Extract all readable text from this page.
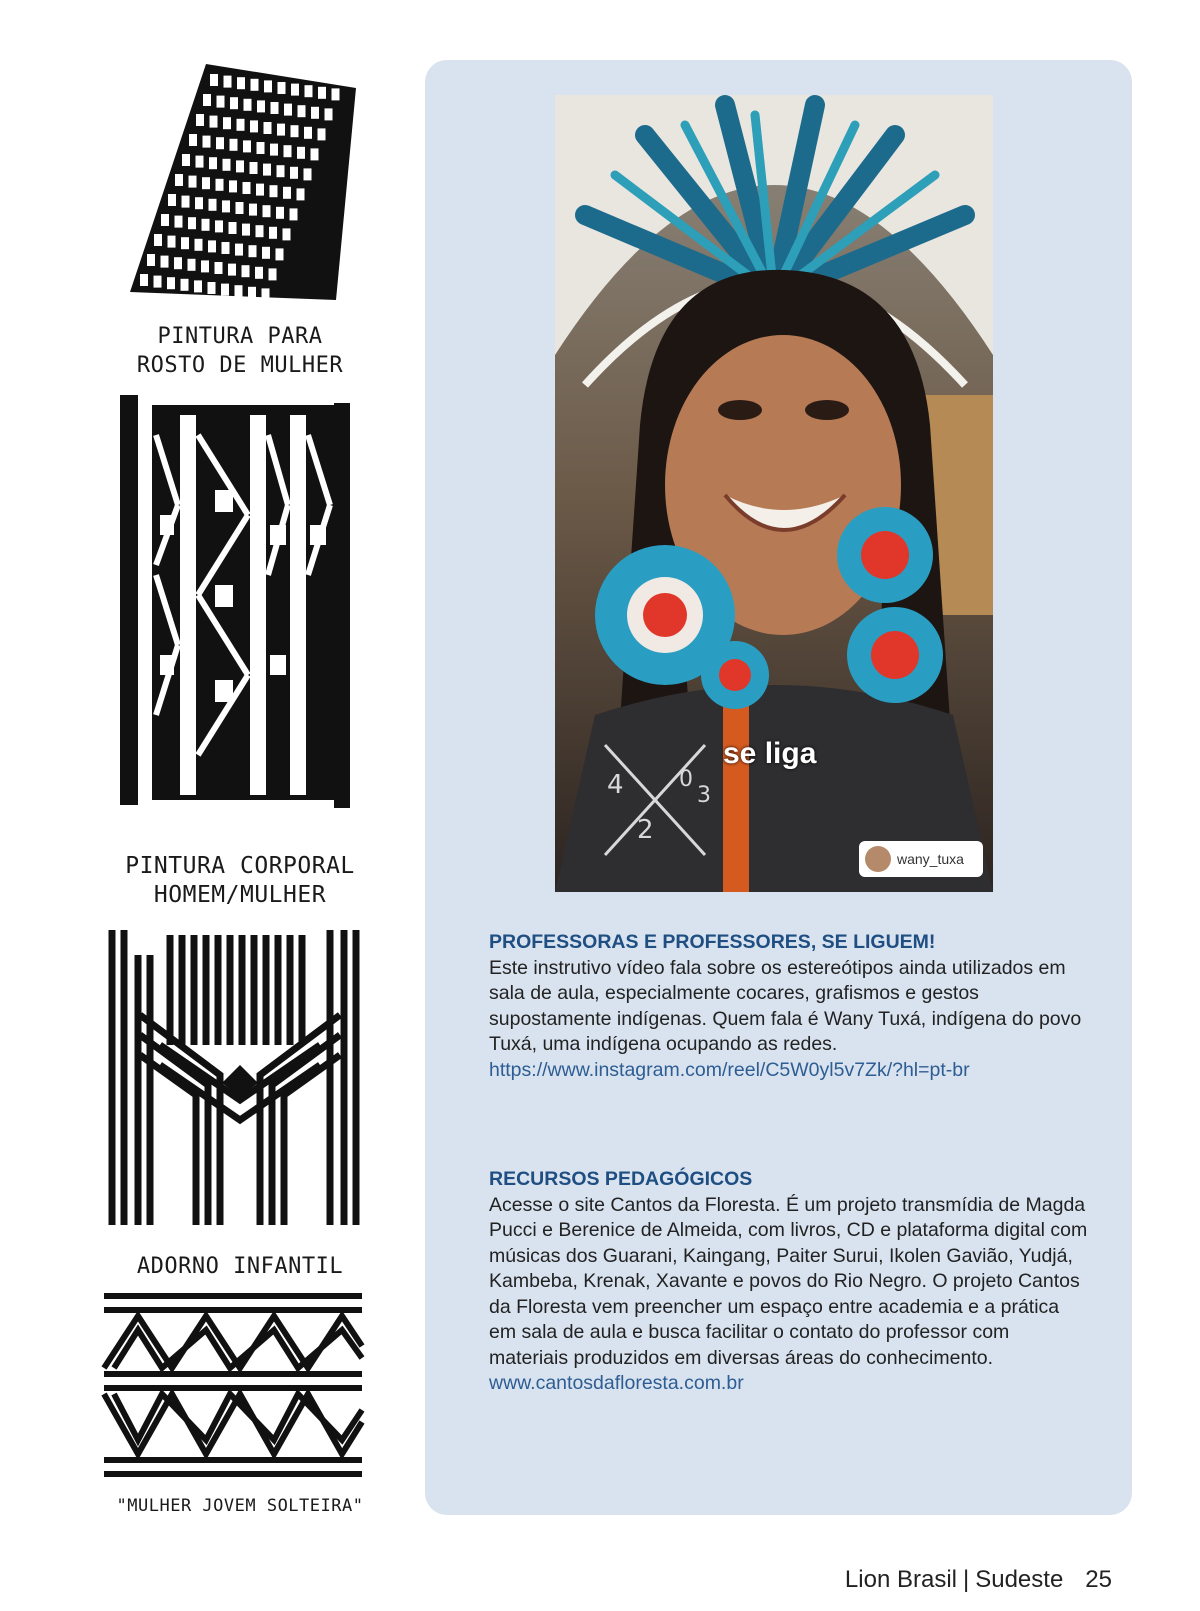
PINTURA PARA
ROSTO DE MULHER
PINTURA CORPORAL
HOMEM/MULHER
ADORNO INFANTIL
"MULHER JOVEM SOLTEIRA"
4	0
3
2
se liga
wany_tuxa
PROFESSORAS E PROFESSORES, SE LIGUEM!
Este instrutivo vídeo fala sobre os estereótipos ainda utilizados em sala de aula, especialmente cocares, grafismos e gestos supostamente indígenas. Quem fala é Wany Tuxá, indígena do povo Tuxá, uma indígena ocupando as redes.
https://www.instagram.com/reel/C5W0yl5v7Zk/?hl=pt-br
RECURSOS PEDAGÓGICOS
Acesse o site Cantos da Floresta. É um projeto transmídia de Magda Pucci e Berenice de Almeida, com livros, CD e plataforma digital com músicas dos Guarani, Kaingang, Paiter Surui, Ikolen Gavião, Yudjá, Kambeba, Krenak, Xavante e povos do Rio Negro. O projeto Cantos da Floresta vem preencher um espaço entre academia e a prática em sala de aula e busca facilitar o contato do professor com materiais produzidos em diversas áreas do conhecimento.
www.cantosdafloresta.com.br
Lion Brasil | Sudeste 25
